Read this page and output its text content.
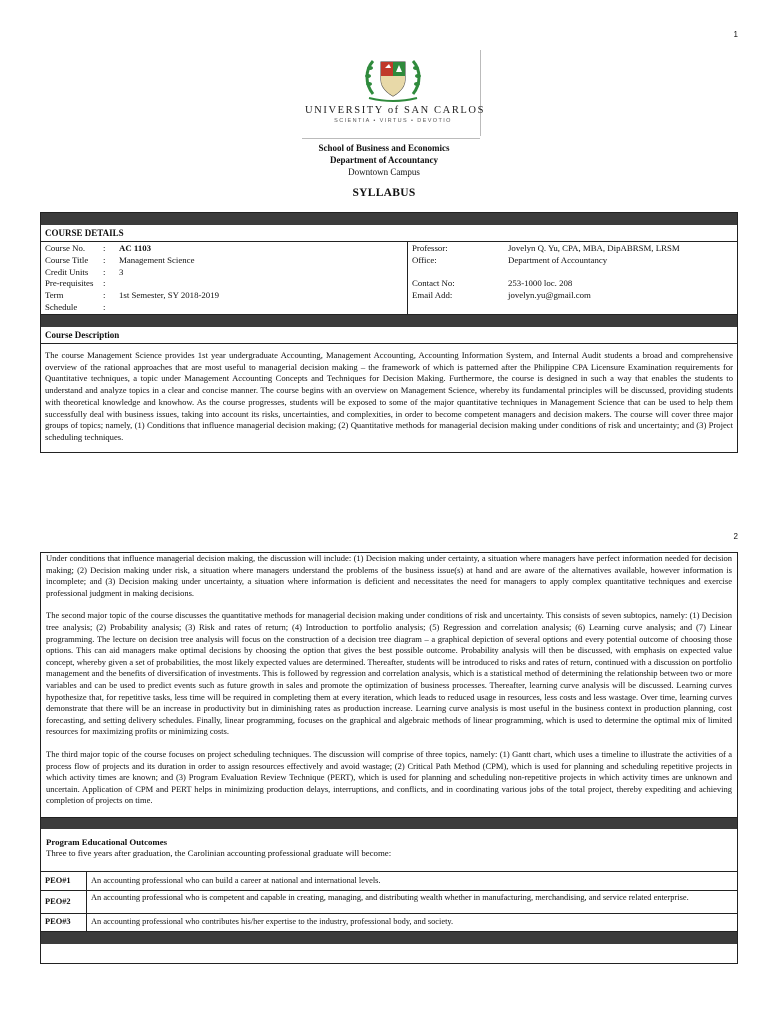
1
UNIVERSITY of SAN CARLOS
SCIENTIA • VIRTUS • DEVOTIO
School of Business and Economics
Department of Accountancy
Downtown Campus
SYLLABUS
COURSE DETAILS
Course No.	:	AC 1103
Course Title	:	Management Science
Credit Units	:	3
Pre-requisites	:
Term	:	1st Semester, SY 2018-2019
Schedule	:
Professor:	Jovelyn Q. Yu, CPA, MBA, DipABRSM, LRSM
Office:	Department of Accountancy
Contact No:	253-1000 loc. 208
Email Add:	jovelyn.yu@gmail.com
Course Description
The course Management Science provides 1st year undergraduate Accounting, Management Accounting, Accounting Information System, and Internal Audit students a broad and comprehensive overview of the rational approaches that are most useful to managerial decision making – the framework of which is patterned after the Philippine CPA Licensure Examination requirements for Quantitative techniques, a topic under Management Accounting Concepts and Techniques for Decision Making. Furthermore, the course is designed in such a way that enables the students to understand and analyze topics in a clear and concise manner. The course begins with an overview on Management Science, whereby its fundamental principles will be discussed, providing students with theoretical knowledge and knowhow. As the course progresses, students will be exposed to some of the major quantitative techniques in Management Science that can be used to help them successfully deal with business issues, taking into account its risks, uncertainties, and complexities, in order to become competent managers and decision makers. The course will cover three major groups of topics; namely, (1) Conditions that influence managerial decision making; (2) Quantitative methods for managerial decision making under conditions of risk and uncertainty; and (3) Project scheduling techniques.
2
Under conditions that influence managerial decision making, the discussion will include: (1) Decision making under certainty, a situation where managers have perfect information needed for decision making; (2) Decision making under risk, a situation where managers understand the problems of the business issue(s) at hand and are aware of the alternatives available, however information is incomplete; and (3) Decision making under uncertainty, a situation where information is deficient and necessitates the need for managers to apply complex quantitative techniques and exercise professional judgment in making decisions.
The second major topic of the course discusses the quantitative methods for managerial decision making under conditions of risk and uncertainty. This consists of seven subtopics, namely: (1) Decision tree analysis; (2) Probability analysis; (3) Risk and rates of return; (4) Introduction to portfolio analysis; (5) Regression and correlation analysis; (6) Learning curve analysis; and (7) Linear programming. The lecture on decision tree analysis will focus on the construction of a decision tree diagram – a graphical depiction of several options and every potential outcome of choosing those options. This can aid managers make optimal decisions by choosing the option that gives the best possible outcome. Probability analysis will then be discussed, with emphasis on expected value concept, whereby given a set of probabilities, the most likely expected values are determined. Thereafter, students will be introduced to risks and rates of return, continued with a discussion on portfolio management and the benefits of diversification of investments. This is followed by regression and correlation analysis, which is a statistical method of determining the relationship between two or more variables and can be used to predict events such as future growth in sales and promote the optimization of business processes. Thereafter, learning curve analysis will be discussed. Learning curves hypothesize that, for repetitive tasks, less time will be required in completing them at every iteration, which leads to reduced usage in resources, less costs and less wastage. Over time, learning curves demonstrate that there will be an increase in productivity but in diminishing rates as production increase. Learning curve analysis is most useful in the business context in production planning, cost forecasting, and setting delivery schedules. Finally, linear programming, focuses on the graphical and algebraic methods of linear programming, which is used to determine the optimal mix of limited resources for maximizing profits or minimizing costs.
The third major topic of the course focuses on project scheduling techniques. The discussion will comprise of three topics, namely: (1) Gantt chart, which uses a timeline to illustrate the activities of a process flow of projects and its duration in order to assign resources effectively and avoid wastage; (2) Critical Path Method (CPM), which is used for planning and scheduling repetitive projects in which activity times are known; and (3) Program Evaluation Review Technique (PERT), which is used for planning and scheduling non-repetitive projects in which activity times are unknown and uncertain. Application of CPM and PERT helps in minimizing production delays, interruptions, and conflicts, and in coordinating various jobs of the total project, thereby expediting and achieving completion of projects on time.
Program Educational Outcomes
Three to five years after graduation, the Carolinian accounting professional graduate will become:
PEO#1	An accounting professional who can build a career at national and international levels.
PEO#2	An accounting professional who is competent and capable in creating, managing, and distributing wealth whether in manufacturing, merchandising, and service related enterprise.
PEO#3	An accounting professional who contributes his/her expertise to the industry, professional body, and society.
